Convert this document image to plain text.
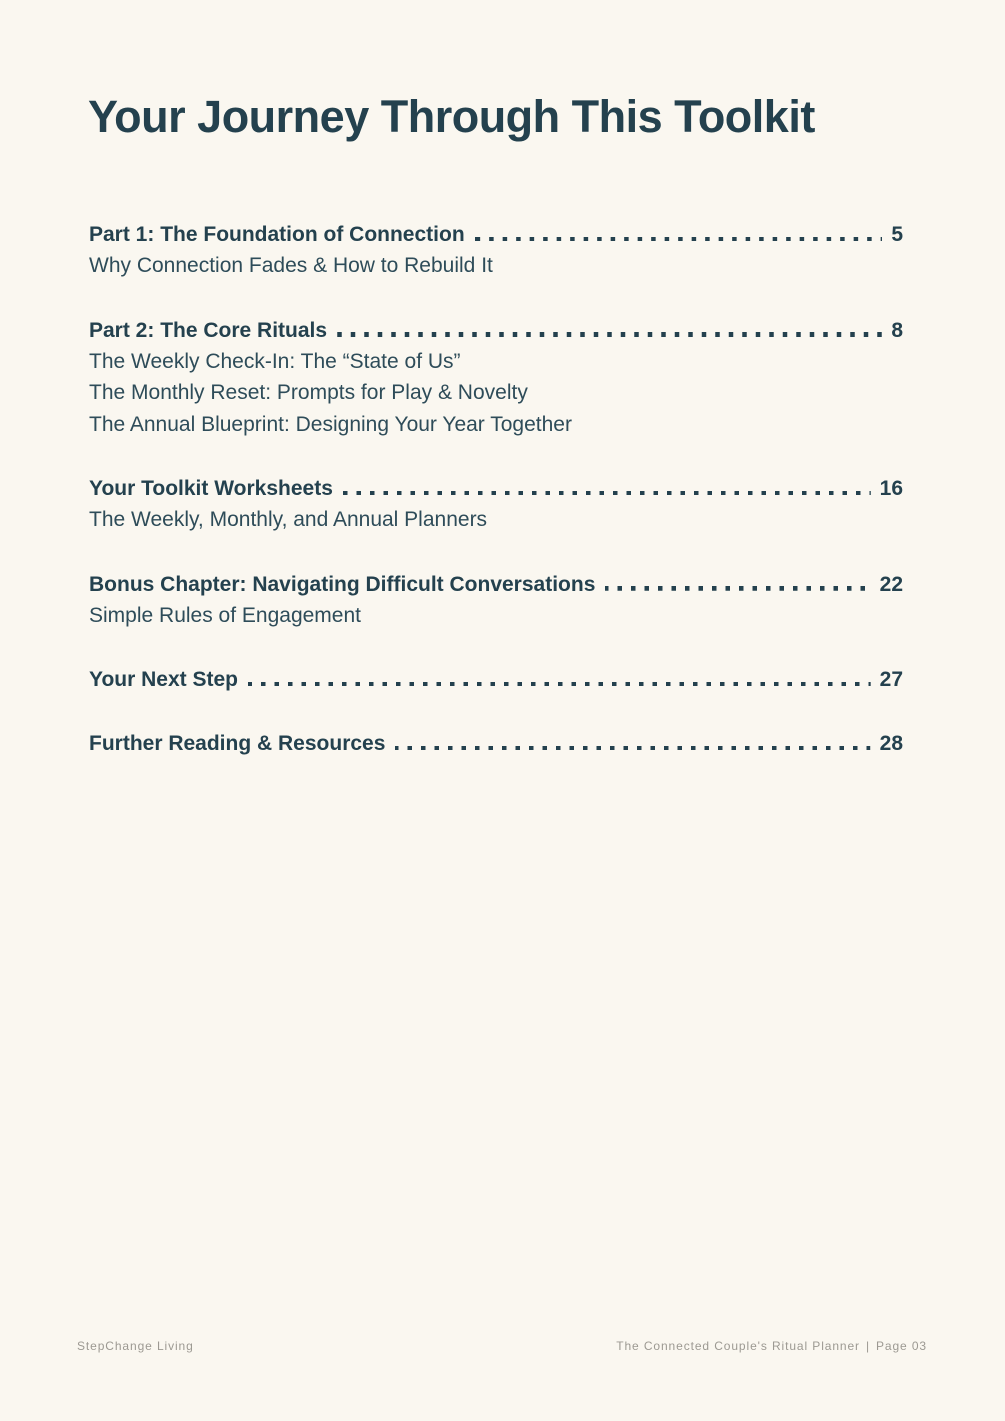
Your Journey Through This Toolkit
Part 1: The Foundation of Connection	5
Why Connection Fades & How to Rebuild It
Part 2: The Core Rituals	8
The Weekly Check-In: The “State of Us”
The Monthly Reset: Prompts for Play & Novelty
The Annual Blueprint: Designing Your Year Together
Your Toolkit Worksheets	16
The Weekly, Monthly, and Annual Planners
Bonus Chapter: Navigating Difficult Conversations	22
Simple Rules of Engagement
Your Next Step	27
Further Reading & Resources	28
StepChange Living	The Connected Couple's Ritual Planner | Page 03
